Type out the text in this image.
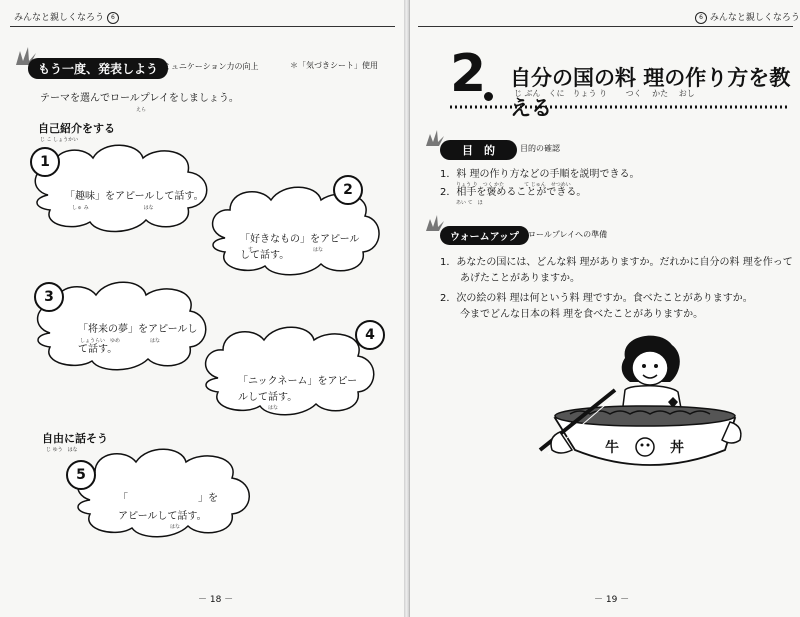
みんなと親しくなろう 6
もう一度、発表しよう
コミュニケーション力の向上	＊「気づきシート」使用
テーマを選んでロールプレイをしましょう。
えら
自己紹介をする
じ こ しょうかい
1
「趣味」をアピールして話す。
しゅ み　　　　　　　　　　　はな
2
「好きなもの」をアピール
して話す。
す　　　　　　　　　　　　はな
3
「将来の夢」をアピールし
しょうらい　ゆめ　　　　　　はな
て話す。
4
「ニックネーム」をアピー
ルして話す。
はな
自由に話そう
じ ゆう　はな
5
「　　　　　　　」を
アピールして話す。
はな
－ 18 －
6 みんなと親しくなろう
2 自分の国の料 理の作り方を教える
じ ぶん　くに　りょう り　　 つく　 かた　 おし
目　的	目的の確認
1．料 理の作り方などの手順を説明できる。
りょう り　つく かた　　　　て じゅん　せつめい
2．相手を褒めることができる。
あい て　ほ
ウォームアップ	ロールプレイへの準備
1．あなたの国には、どんな料 理がありますか。だれかに自分の料 理を作って
　　あげたことがありますか。
2．次の絵の料 理は何という料 理ですか。食べたことがありますか。
　　今までどんな日本の料 理を食べたことがありますか。
牛	丼
－ 19 －
